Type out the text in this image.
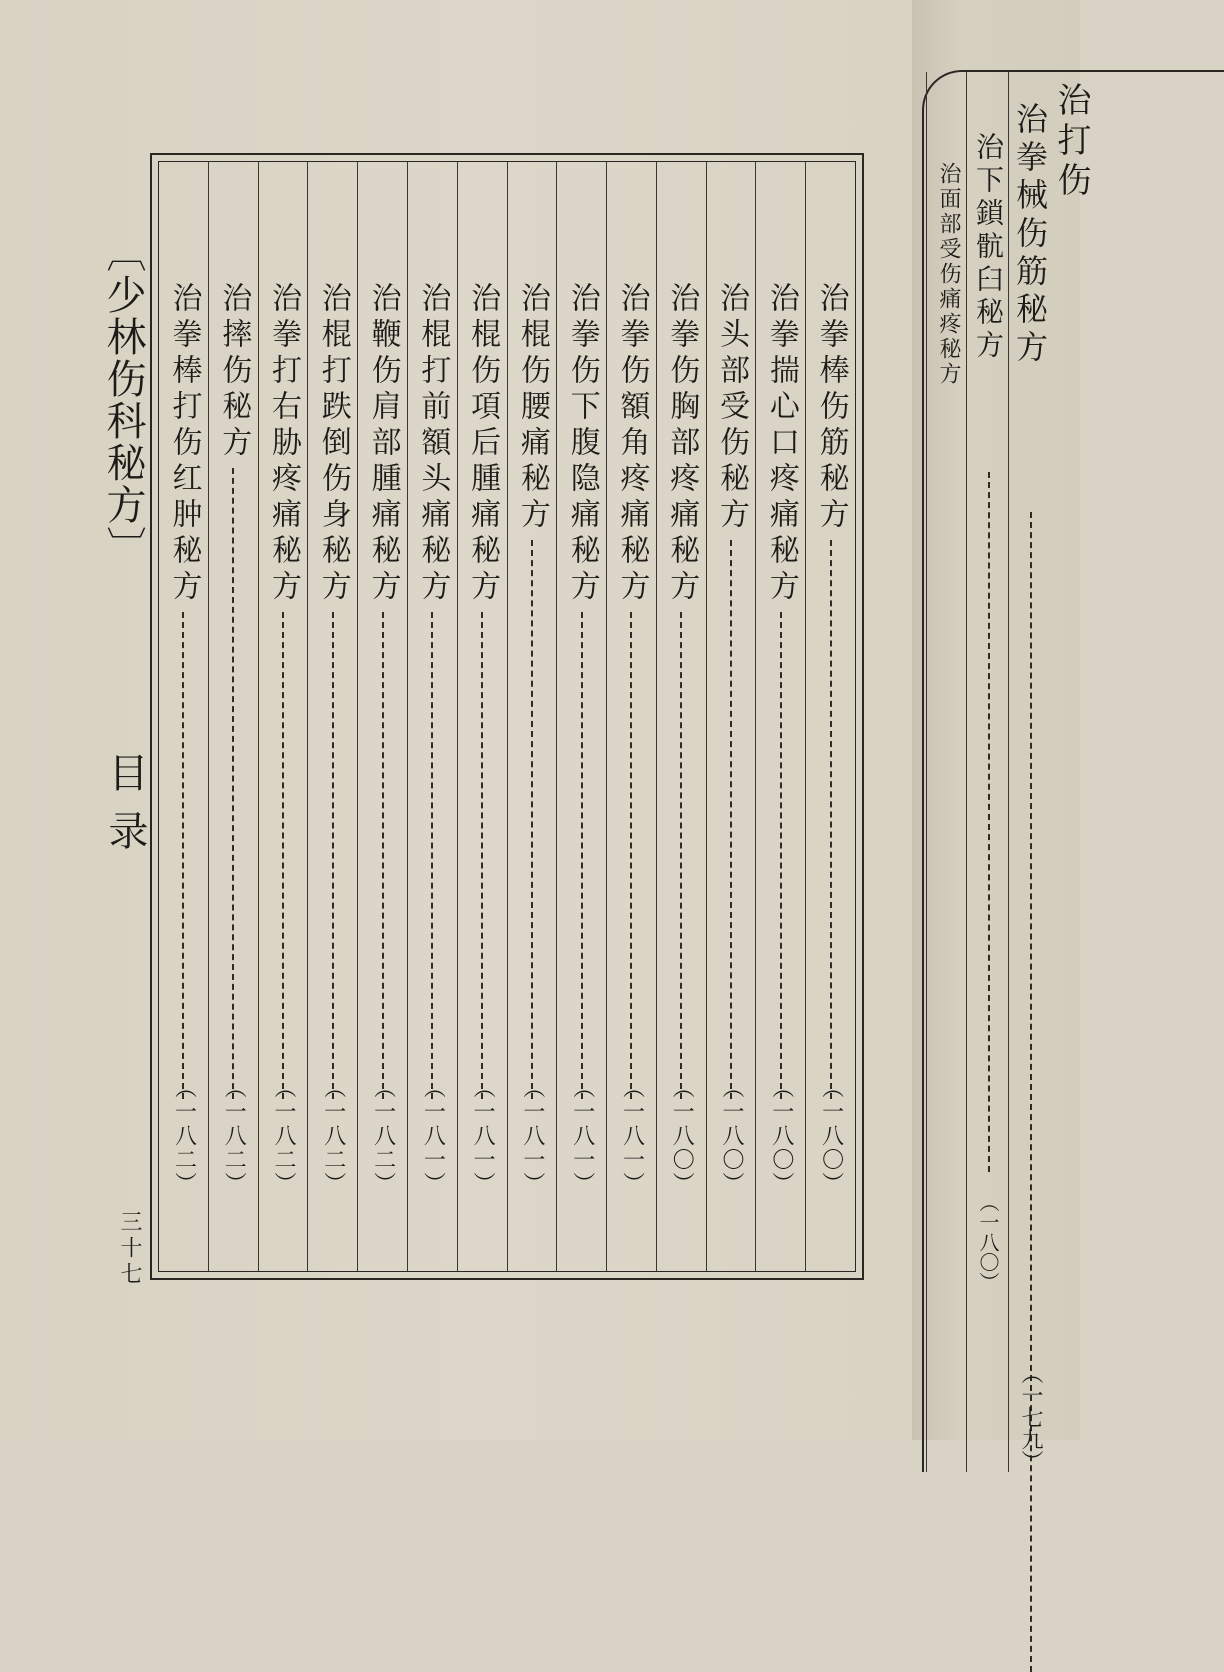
〔少林伤科秘方〕
目录
三十七
治拳棒伤筋秘方
（一八〇）
治拳揣心口疼痛秘方
（一八〇）
治头部受伤秘方
（一八〇）
治拳伤胸部疼痛秘方
（一八〇）
治拳伤額角疼痛秘方
（一八一）
治拳伤下腹隐痛秘方
（一八一）
治棍伤腰痛秘方
（一八一）
治棍伤項后腫痛秘方
（一八一）
治棍打前額头痛秘方
（一八一）
治鞭伤肩部腫痛秘方
（一八二）
治棍打跌倒伤身秘方
（一八二）
治拳打右胁疼痛秘方
（一八二）
治摔伤秘方
（一八二）
治拳棒打伤红肿秘方
（一八二）
治打伤
治拳械伤筋秘方
（一七九）
治下鎖骯臼秘方
（一八〇）
治面部受伤痛疼秘方
